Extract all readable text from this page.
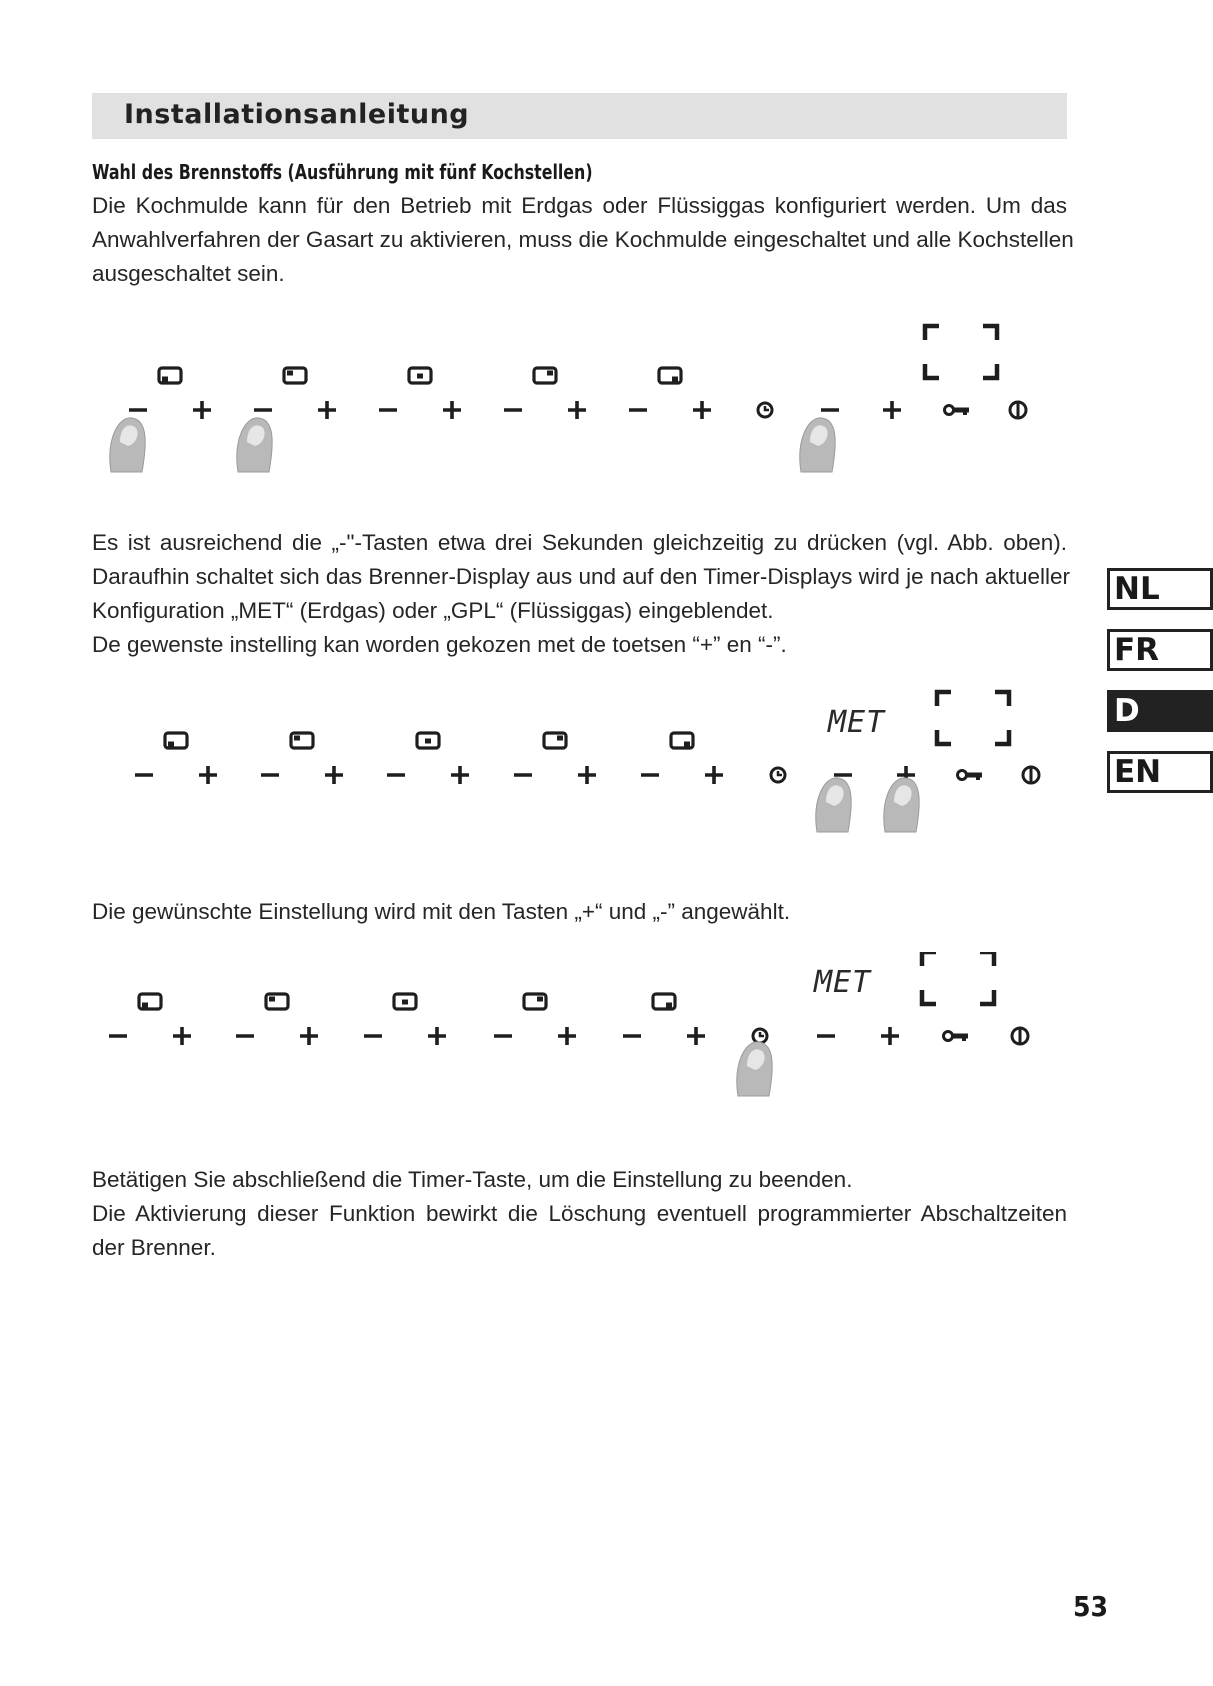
Installationsanleitung
Wahl des Brennstoffs (Ausführung mit fünf Kochstellen)
Die Kochmulde kann für den Betrieb mit Erdgas oder Flüssiggas konfiguriert werden. Um das
Anwahlverfahren der Gasart zu aktivieren, muss die Kochmulde eingeschaltet und alle Kochstellen
ausgeschaltet sein.
Es ist ausreichend die „-"-Tasten etwa drei Sekunden gleichzeitig zu drücken (vgl. Abb. oben).
Daraufhin schaltet sich das Brenner-Display aus und auf den Timer-Displays wird je nach aktueller
Konfiguration „MET“ (Erdgas) oder „GPL“ (Flüssiggas) eingeblendet.
De gewenste instelling kan worden gekozen met de toetsen “+” en “-”.
MET
Die gewünschte Einstellung wird mit den Tasten „+“ und „-” angewählt.
MET
Betätigen Sie abschließend die Timer-Taste, um die Einstellung zu beenden.
Die Aktivierung dieser Funktion bewirkt die Löschung eventuell programmierter Abschaltzeiten
der Brenner.
NL
FR
D
EN
53
